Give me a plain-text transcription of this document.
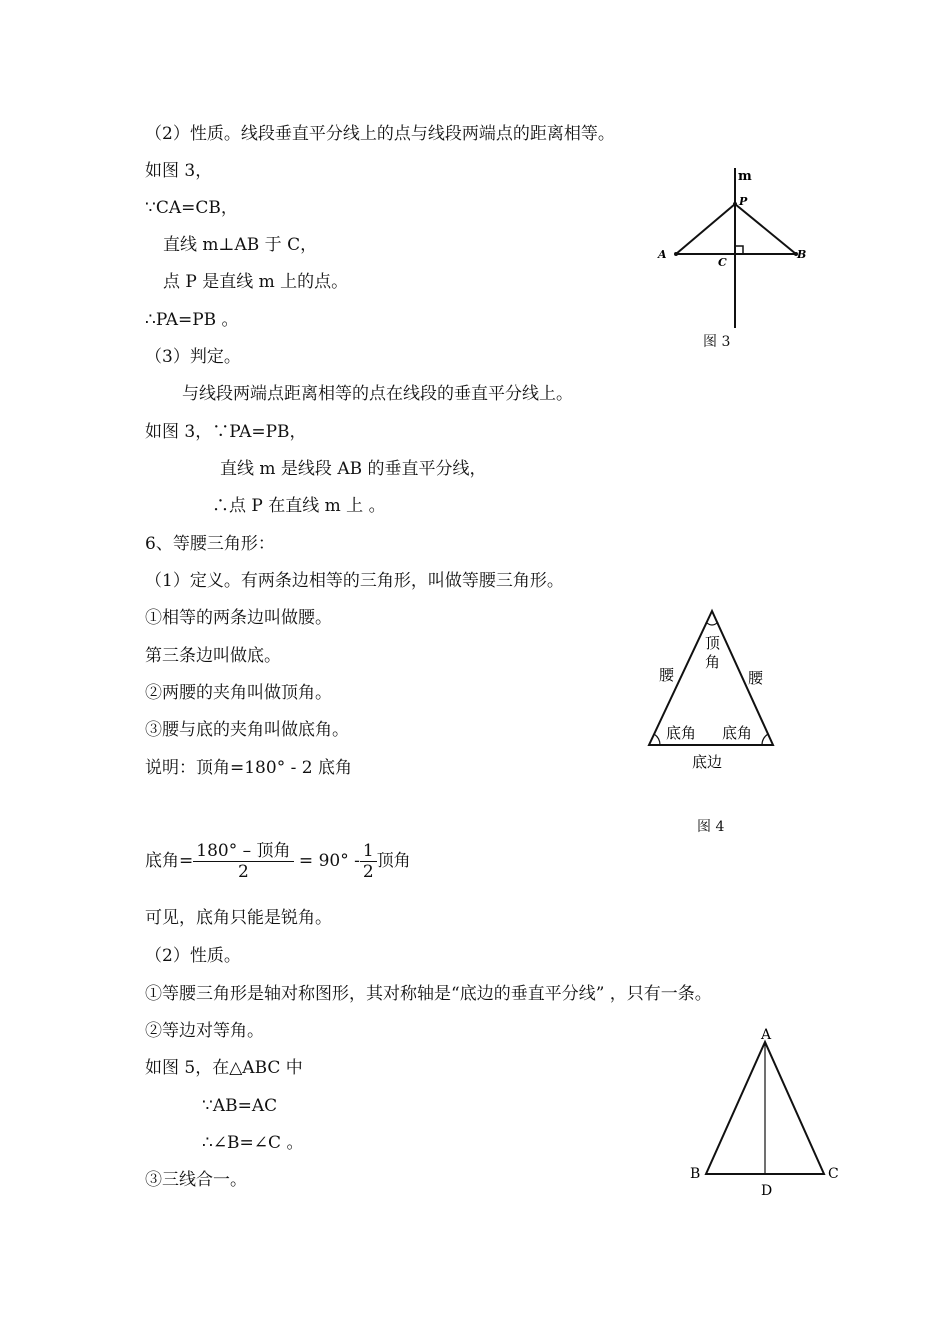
（2）性质。线段垂直平分线上的点与线段两端点的距离相等。
如图 3，
∵CA=CB，
直线 m⊥AB 于 C，
点 P 是直线 m 上的点。
∴PA=PB 。
（3）判定。
与线段两端点距离相等的点在线段的垂直平分线上。
如图 3，∵PA=PB，
直线 m 是线段 AB 的垂直平分线，
∴点 P 在直线 m 上 。
6、等腰三角形：
（1）定义。有两条边相等的三角形，叫做等腰三角形。
①相等的两条边叫做腰。
第三条边叫做底。
②两腰的夹角叫做顶角。
③腰与底的夹角叫做底角。
说明：顶角=180° - 2 底角
底角= $\frac{\text{180° – 顶角}}{2} = 90^\circ - \frac{1}{2}$ 顶角
可见，底角只能是锐角。
（2）性质。
①等腰三角形是轴对称图形，其对称轴是“底边的垂直平分线” ，只有一条。
②等边对等角。
如图 5，在△ABC 中
∵AB=AC
∴∠B=∠C 。
③三线合一。
m
P
A	B
C
图 3
顶
角
腰	腰
底角 底角
底边
图 4
A
B	C
D
